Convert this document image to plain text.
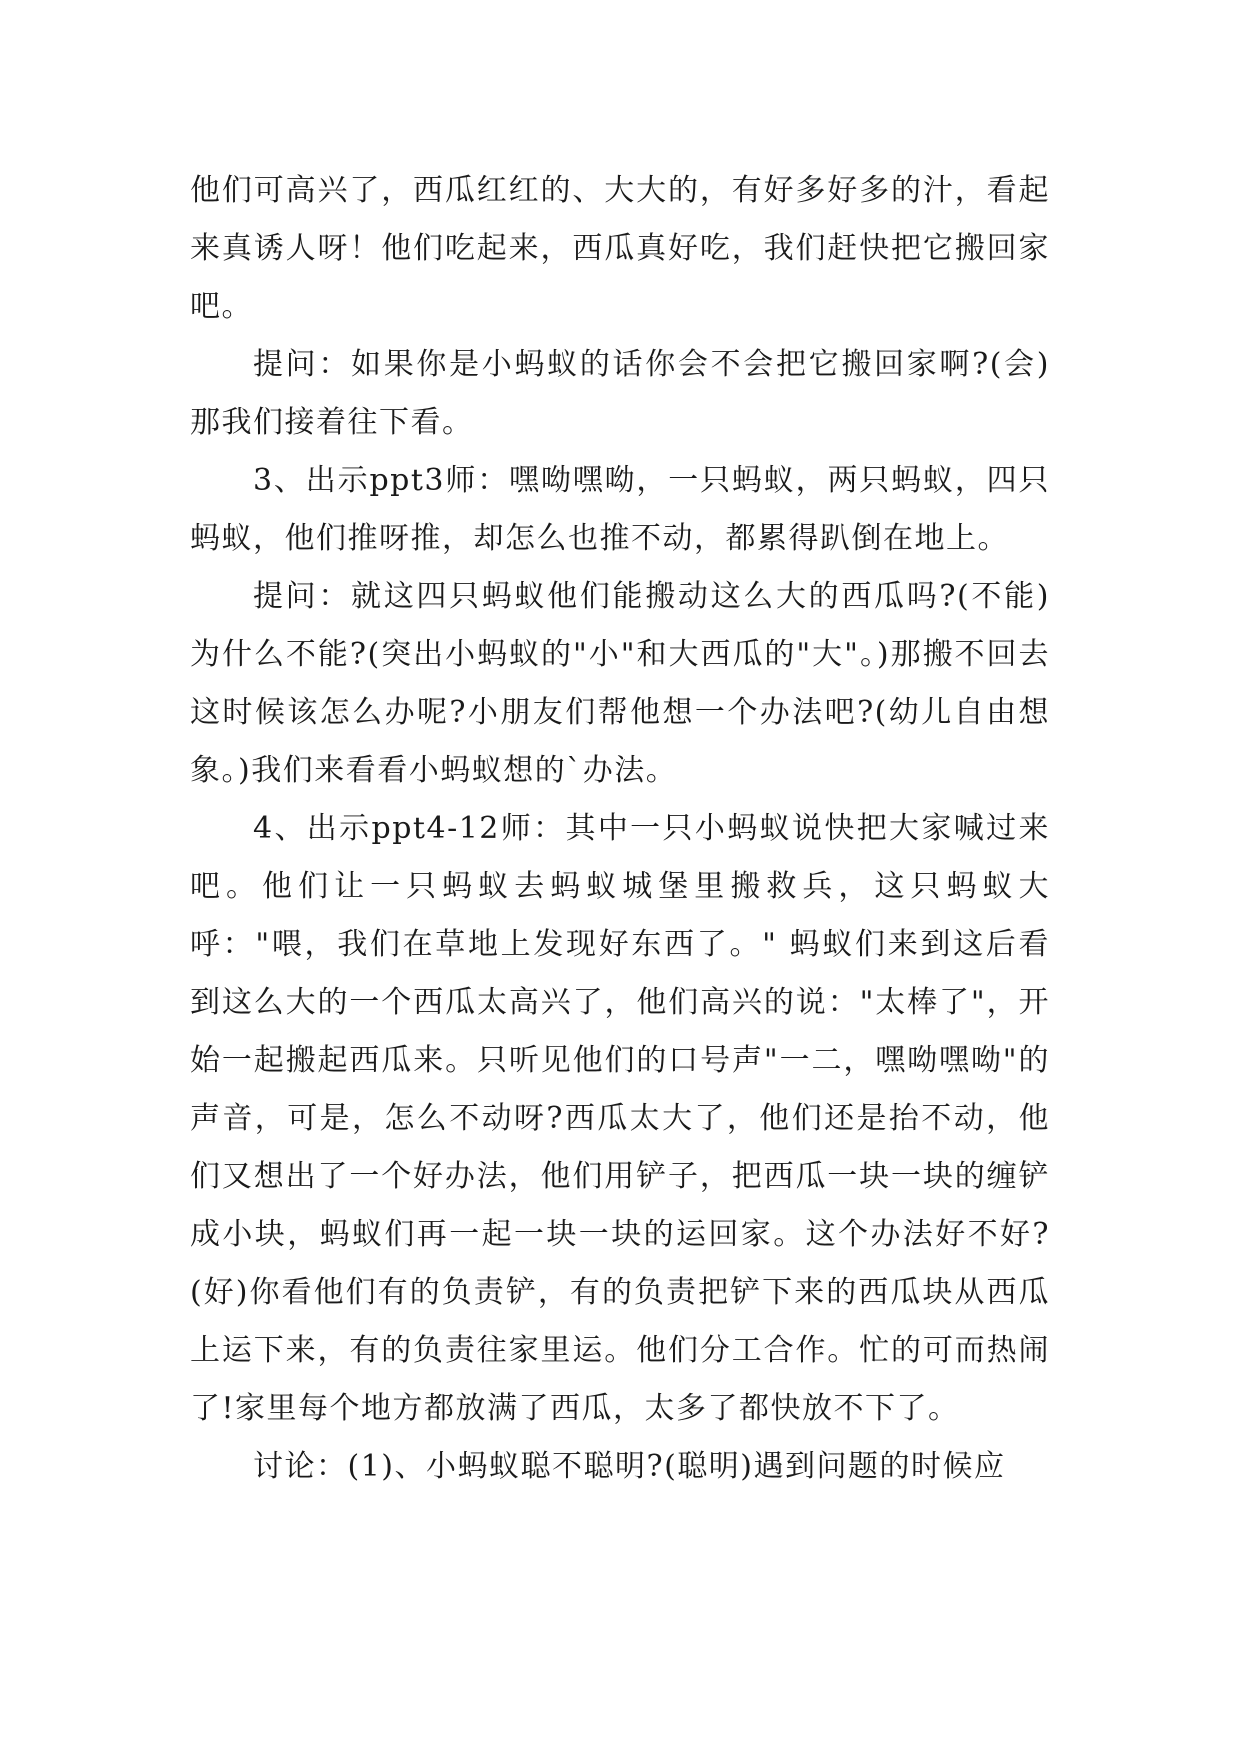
他们可高兴了，西瓜红红的、大大的，有好多好多的汁，看起来真诱人呀！他们吃起来，西瓜真好吃，我们赶快把它搬回家吧。

提问：如果你是小蚂蚁的话你会不会把它搬回家啊?(会)那我们接着往下看。

3、出示ppt3师：嘿呦嘿呦，一只蚂蚁，两只蚂蚁，四只蚂蚁，他们推呀推，却怎么也推不动，都累得趴倒在地上。

提问：就这四只蚂蚁他们能搬动这么大的西瓜吗?(不能)为什么不能?(突出小蚂蚁的"小"和大西瓜的"大"。)那搬不回去这时候该怎么办呢?小朋友们帮他想一个办法吧?(幼儿自由想象。)我们来看看小蚂蚁想的`办法。

4、出示ppt4-12师：其中一只小蚂蚁说快把大家喊过来吧。他们让一只蚂蚁去蚂蚁城堡里搬救兵，这只蚂蚁大呼："喂，我们在草地上发现好东西了。" 蚂蚁们来到这后看到这么大的一个西瓜太高兴了，他们高兴的说："太棒了"，开始一起搬起西瓜来。只听见他们的口号声"一二，嘿呦嘿呦"的声音，可是，怎么不动呀?西瓜太大了，他们还是抬不动，他们又想出了一个好办法，他们用铲子，把西瓜一块一块的缠铲成小块，蚂蚁们再一起一块一块的运回家。这个办法好不好?(好)你看他们有的负责铲，有的负责把铲下来的西瓜块从西瓜上运下来，有的负责往家里运。他们分工合作。忙的可而热闹了!家里每个地方都放满了西瓜，太多了都快放不下了。

讨论：(1)、小蚂蚁聪不聪明?(聪明)遇到问题的时候应
